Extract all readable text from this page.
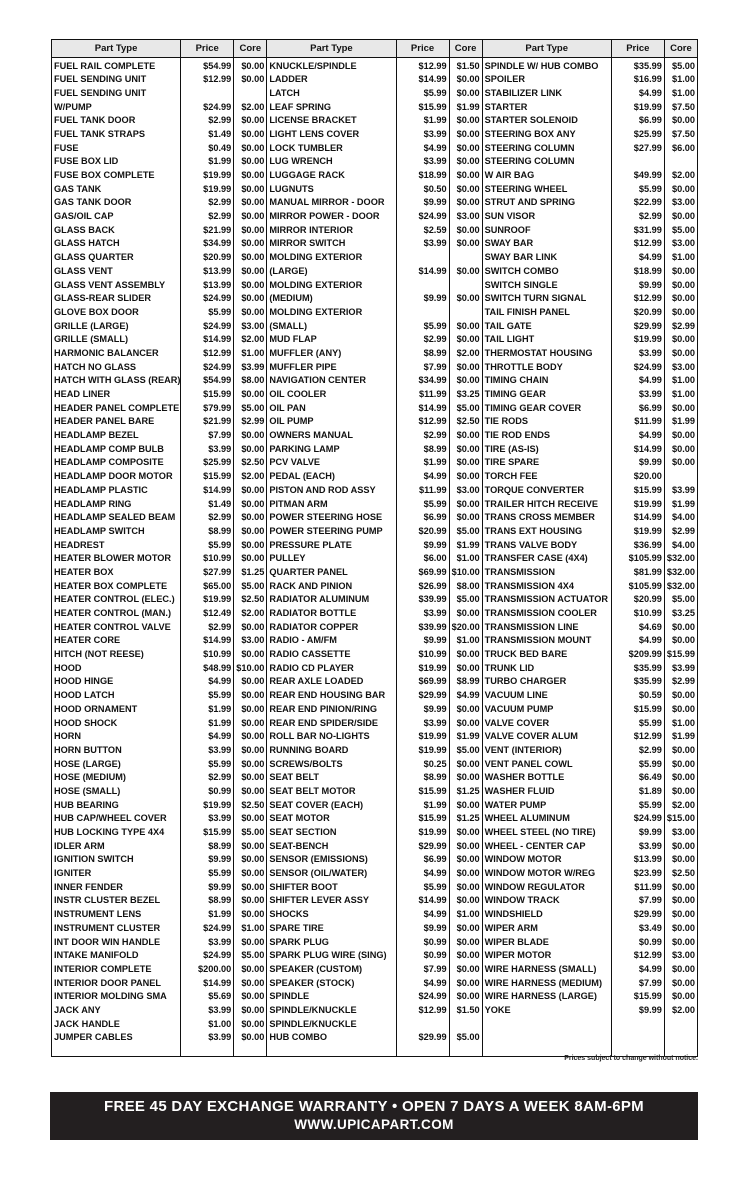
Part Type	Price	Core	Part Type	Price	Core	Part Type	Price	Core
FUEL RAIL COMPLETE	$54.99	$0.00	KNUCKLE/SPINDLE	$12.99	$1.50	SPINDLE W/ HUB COMBO	$35.99	$5.00
FUEL SENDING UNIT	$12.99	$0.00	LADDER	$14.99	$0.00	SPOILER	$16.99	$1.00
FUEL SENDING UNIT			LATCH	$5.99	$0.00	STABILIZER LINK	$4.99	$1.00
W/PUMP	$24.99	$2.00	LEAF SPRING	$15.99	$1.99	STARTER	$19.99	$7.50
FUEL TANK DOOR	$2.99	$0.00	LICENSE BRACKET	$1.99	$0.00	STARTER SOLENOID	$6.99	$0.00
FUEL TANK STRAPS	$1.49	$0.00	LIGHT LENS COVER	$3.99	$0.00	STEERING BOX ANY	$25.99	$7.50
FUSE	$0.49	$0.00	LOCK TUMBLER	$4.99	$0.00	STEERING COLUMN	$27.99	$6.00
FUSE BOX LID	$1.99	$0.00	LUG WRENCH	$3.99	$0.00	STEERING COLUMN		
FUSE BOX COMPLETE	$19.99	$0.00	LUGGAGE RACK	$18.99	$0.00	W AIR BAG	$49.99	$2.00
GAS TANK	$19.99	$0.00	LUGNUTS	$0.50	$0.00	STEERING WHEEL	$5.99	$0.00
GAS TANK DOOR	$2.99	$0.00	MANUAL MIRROR - DOOR	$9.99	$0.00	STRUT AND SPRING	$22.99	$3.00
GAS/OIL CAP	$2.99	$0.00	MIRROR POWER - DOOR	$24.99	$3.00	SUN VISOR	$2.99	$0.00
GLASS BACK	$21.99	$0.00	MIRROR INTERIOR	$2.59	$0.00	SUNROOF	$31.99	$5.00
GLASS HATCH	$34.99	$0.00	MIRROR SWITCH	$3.99	$0.00	SWAY BAR	$12.99	$3.00
GLASS QUARTER	$20.99	$0.00	MOLDING EXTERIOR			SWAY BAR LINK	$4.99	$1.00
GLASS VENT	$13.99	$0.00	(LARGE)	$14.99	$0.00	SWITCH COMBO	$18.99	$0.00
GLASS VENT ASSEMBLY	$13.99	$0.00	MOLDING EXTERIOR			SWITCH SINGLE	$9.99	$0.00
GLASS-REAR SLIDER	$24.99	$0.00	(MEDIUM)	$9.99	$0.00	SWITCH TURN SIGNAL	$12.99	$0.00
GLOVE BOX DOOR	$5.99	$0.00	MOLDING EXTERIOR			TAIL FINISH PANEL	$20.99	$0.00
GRILLE (LARGE)	$24.99	$3.00	(SMALL)	$5.99	$0.00	TAIL GATE	$29.99	$2.99
GRILLE (SMALL)	$14.99	$2.00	MUD FLAP	$2.99	$0.00	TAIL LIGHT	$19.99	$0.00
HARMONIC BALANCER	$12.99	$1.00	MUFFLER (ANY)	$8.99	$2.00	THERMOSTAT HOUSING	$3.99	$0.00
HATCH NO GLASS	$24.99	$3.99	MUFFLER PIPE	$7.99	$0.00	THROTTLE BODY	$24.99	$3.00
HATCH WITH GLASS (REAR)	$54.99	$8.00	NAVIGATION CENTER	$34.99	$0.00	TIMING CHAIN	$4.99	$1.00
HEAD LINER	$15.99	$0.00	OIL COOLER	$11.99	$3.25	TIMING GEAR	$3.99	$1.00
HEADER PANEL COMPLETE	$79.99	$5.00	OIL PAN	$14.99	$5.00	TIMING GEAR COVER	$6.99	$0.00
HEADER PANEL BARE	$21.99	$2.99	OIL PUMP	$12.99	$2.50	TIE RODS	$11.99	$1.99
HEADLAMP BEZEL	$7.99	$0.00	OWNERS MANUAL	$2.99	$0.00	TIE ROD ENDS	$4.99	$0.00
HEADLAMP COMP BULB	$3.99	$0.00	PARKING LAMP	$8.99	$0.00	TIRE (AS-IS)	$14.99	$0.00
HEADLAMP COMPOSITE	$25.99	$2.50	PCV VALVE	$1.99	$0.00	TIRE SPARE	$9.99	$0.00
HEADLAMP DOOR MOTOR	$15.99	$2.00	PEDAL (EACH)	$4.99	$0.00	TORCH FEE	$20.00	
HEADLAMP PLASTIC	$14.99	$0.00	PISTON AND ROD ASSY	$11.99	$3.00	TORQUE CONVERTER	$15.99	$3.99
HEADLAMP RING	$1.49	$0.00	PITMAN ARM	$5.99	$0.00	TRAILER HITCH RECEIVE	$19.99	$1.99
HEADLAMP SEALED BEAM	$2.99	$0.00	POWER STEERING HOSE	$6.99	$0.00	TRANS CROSS MEMBER	$14.99	$4.00
HEADLAMP SWITCH	$8.99	$0.00	POWER STEERING PUMP	$20.99	$5.00	TRANS EXT HOUSING	$19.99	$2.99
HEADREST	$5.99	$0.00	PRESSURE PLATE	$9.99	$1.99	TRANS VALVE BODY	$36.99	$4.00
HEATER BLOWER MOTOR	$10.99	$0.00	PULLEY	$6.00	$1.00	TRANSFER CASE (4X4)	$105.99	$32.00
HEATER BOX	$27.99	$1.25	QUARTER PANEL	$69.99	$10.00	TRANSMISSION	$81.99	$32.00
HEATER BOX COMPLETE	$65.00	$5.00	RACK AND PINION	$26.99	$8.00	TRANSMISSION 4X4	$105.99	$32.00
HEATER CONTROL (ELEC.)	$19.99	$2.50	RADIATOR ALUMINUM	$39.99	$5.00	TRANSMISSION ACTUATOR	$20.99	$5.00
HEATER CONTROL (MAN.)	$12.49	$2.00	RADIATOR BOTTLE	$3.99	$0.00	TRANSMISSION COOLER	$10.99	$3.25
HEATER CONTROL VALVE	$2.99	$0.00	RADIATOR COPPER	$39.99	$20.00	TRANSMISSION LINE	$4.69	$0.00
HEATER CORE	$14.99	$3.00	RADIO - AM/FM	$9.99	$1.00	TRANSMISSION MOUNT	$4.99	$0.00
HITCH (NOT REESE)	$10.99	$0.00	RADIO CASSETTE	$10.99	$0.00	TRUCK BED BARE	$209.99	$15.99
HOOD	$48.99	$10.00	RADIO CD PLAYER	$19.99	$0.00	TRUNK LID	$35.99	$3.99
HOOD HINGE	$4.99	$0.00	REAR AXLE LOADED	$69.99	$8.99	TURBO CHARGER	$35.99	$2.99
HOOD LATCH	$5.99	$0.00	REAR END HOUSING BAR	$29.99	$4.99	VACUUM LINE	$0.59	$0.00
HOOD ORNAMENT	$1.99	$0.00	REAR END PINION/RING	$9.99	$0.00	VACUUM PUMP	$15.99	$0.00
HOOD SHOCK	$1.99	$0.00	REAR END SPIDER/SIDE	$3.99	$0.00	VALVE COVER	$5.99	$1.00
HORN	$4.99	$0.00	ROLL BAR NO-LIGHTS	$19.99	$1.99	VALVE COVER ALUM	$12.99	$1.99
HORN BUTTON	$3.99	$0.00	RUNNING BOARD	$19.99	$5.00	VENT (INTERIOR)	$2.99	$0.00
HOSE (LARGE)	$5.99	$0.00	SCREWS/BOLTS	$0.25	$0.00	VENT PANEL COWL	$5.99	$0.00
HOSE (MEDIUM)	$2.99	$0.00	SEAT BELT	$8.99	$0.00	WASHER BOTTLE	$6.49	$0.00
HOSE (SMALL)	$0.99	$0.00	SEAT BELT MOTOR	$15.99	$1.25	WASHER FLUID	$1.89	$0.00
HUB BEARING	$19.99	$2.50	SEAT COVER (EACH)	$1.99	$0.00	WATER PUMP	$5.99	$2.00
HUB CAP/WHEEL COVER	$3.99	$0.00	SEAT MOTOR	$15.99	$1.25	WHEEL ALUMINUM	$24.99	$15.00
HUB LOCKING TYPE 4X4	$15.99	$5.00	SEAT SECTION	$19.99	$0.00	WHEEL STEEL (NO TIRE)	$9.99	$3.00
IDLER ARM	$8.99	$0.00	SEAT-BENCH	$29.99	$0.00	WHEEL - CENTER CAP	$3.99	$0.00
IGNITION SWITCH	$9.99	$0.00	SENSOR (EMISSIONS)	$6.99	$0.00	WINDOW MOTOR	$13.99	$0.00
IGNITER	$5.99	$0.00	SENSOR (OIL/WATER)	$4.99	$0.00	WINDOW MOTOR W/REG	$23.99	$2.50
INNER FENDER	$9.99	$0.00	SHIFTER BOOT	$5.99	$0.00	WINDOW REGULATOR	$11.99	$0.00
INSTR CLUSTER BEZEL	$8.99	$0.00	SHIFTER LEVER ASSY	$14.99	$0.00	WINDOW TRACK	$7.99	$0.00
INSTRUMENT LENS	$1.99	$0.00	SHOCKS	$4.99	$1.00	WINDSHIELD	$29.99	$0.00
INSTRUMENT CLUSTER	$24.99	$1.00	SPARE TIRE	$9.99	$0.00	WIPER ARM	$3.49	$0.00
INT DOOR WIN HANDLE	$3.99	$0.00	SPARK PLUG	$0.99	$0.00	WIPER BLADE	$0.99	$0.00
INTAKE MANIFOLD	$24.99	$5.00	SPARK PLUG WIRE (SING)	$0.99	$0.00	WIPER MOTOR	$12.99	$3.00
INTERIOR COMPLETE	$200.00	$0.00	SPEAKER (CUSTOM)	$7.99	$0.00	WIRE HARNESS (SMALL)	$4.99	$0.00
INTERIOR DOOR PANEL	$14.99	$0.00	SPEAKER (STOCK)	$4.99	$0.00	WIRE HARNESS (MEDIUM)	$7.99	$0.00
INTERIOR MOLDING SMA	$5.69	$0.00	SPINDLE	$24.99	$0.00	WIRE HARNESS (LARGE)	$15.99	$0.00
JACK ANY	$3.99	$0.00	SPINDLE/KNUCKLE	$12.99	$1.50	YOKE	$9.99	$2.00
JACK HANDLE	$1.00	$0.00	SPINDLE/KNUCKLE					
JUMPER CABLES	$3.99	$0.00	HUB COMBO	$29.99	$5.00			

Prices subject to change without notice.
FREE 45 DAY EXCHANGE WARRANTY • OPEN 7 DAYS A WEEK 8AM-6PM
WWW.UPICAPART.COM
